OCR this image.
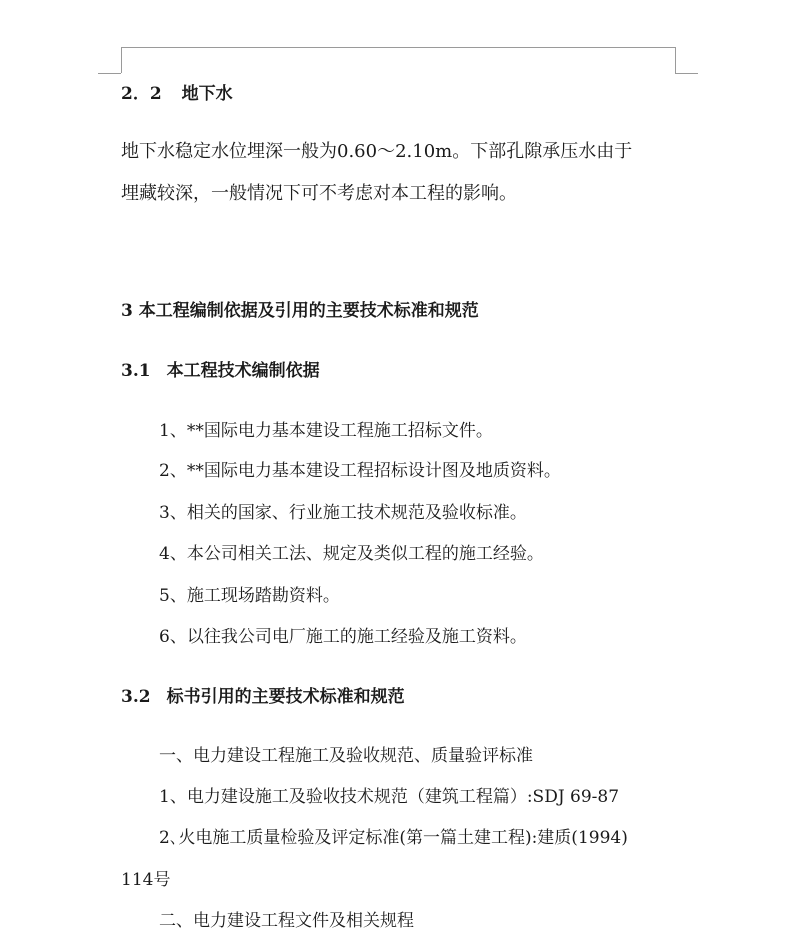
2．2 地下水
地下水稳定水位埋深一般为0.60～2.10m。下部孔隙承压水由于
埋藏较深，一般情况下可不考虑对本工程的影响。
3 本工程编制依据及引用的主要技术标准和规范
3.1 本工程技术编制依据
1、**国际电力基本建设工程施工招标文件。
2、**国际电力基本建设工程招标设计图及地质资料。
3、相关的国家、行业施工技术规范及验收标准。
4、本公司相关工法、规定及类似工程的施工经验。
5、施工现场踏勘资料。
6、以往我公司电厂施工的施工经验及施工资料。
3.2 标书引用的主要技术标准和规范
一、电力建设工程施工及验收规范、质量验评标准
1、电力建设施工及验收技术规范（建筑工程篇）:SDJ 69-87
2､火电施工质量检验及评定标准(第一篇土建工程):建质(1994)
114号
二、电力建设工程文件及相关规程
